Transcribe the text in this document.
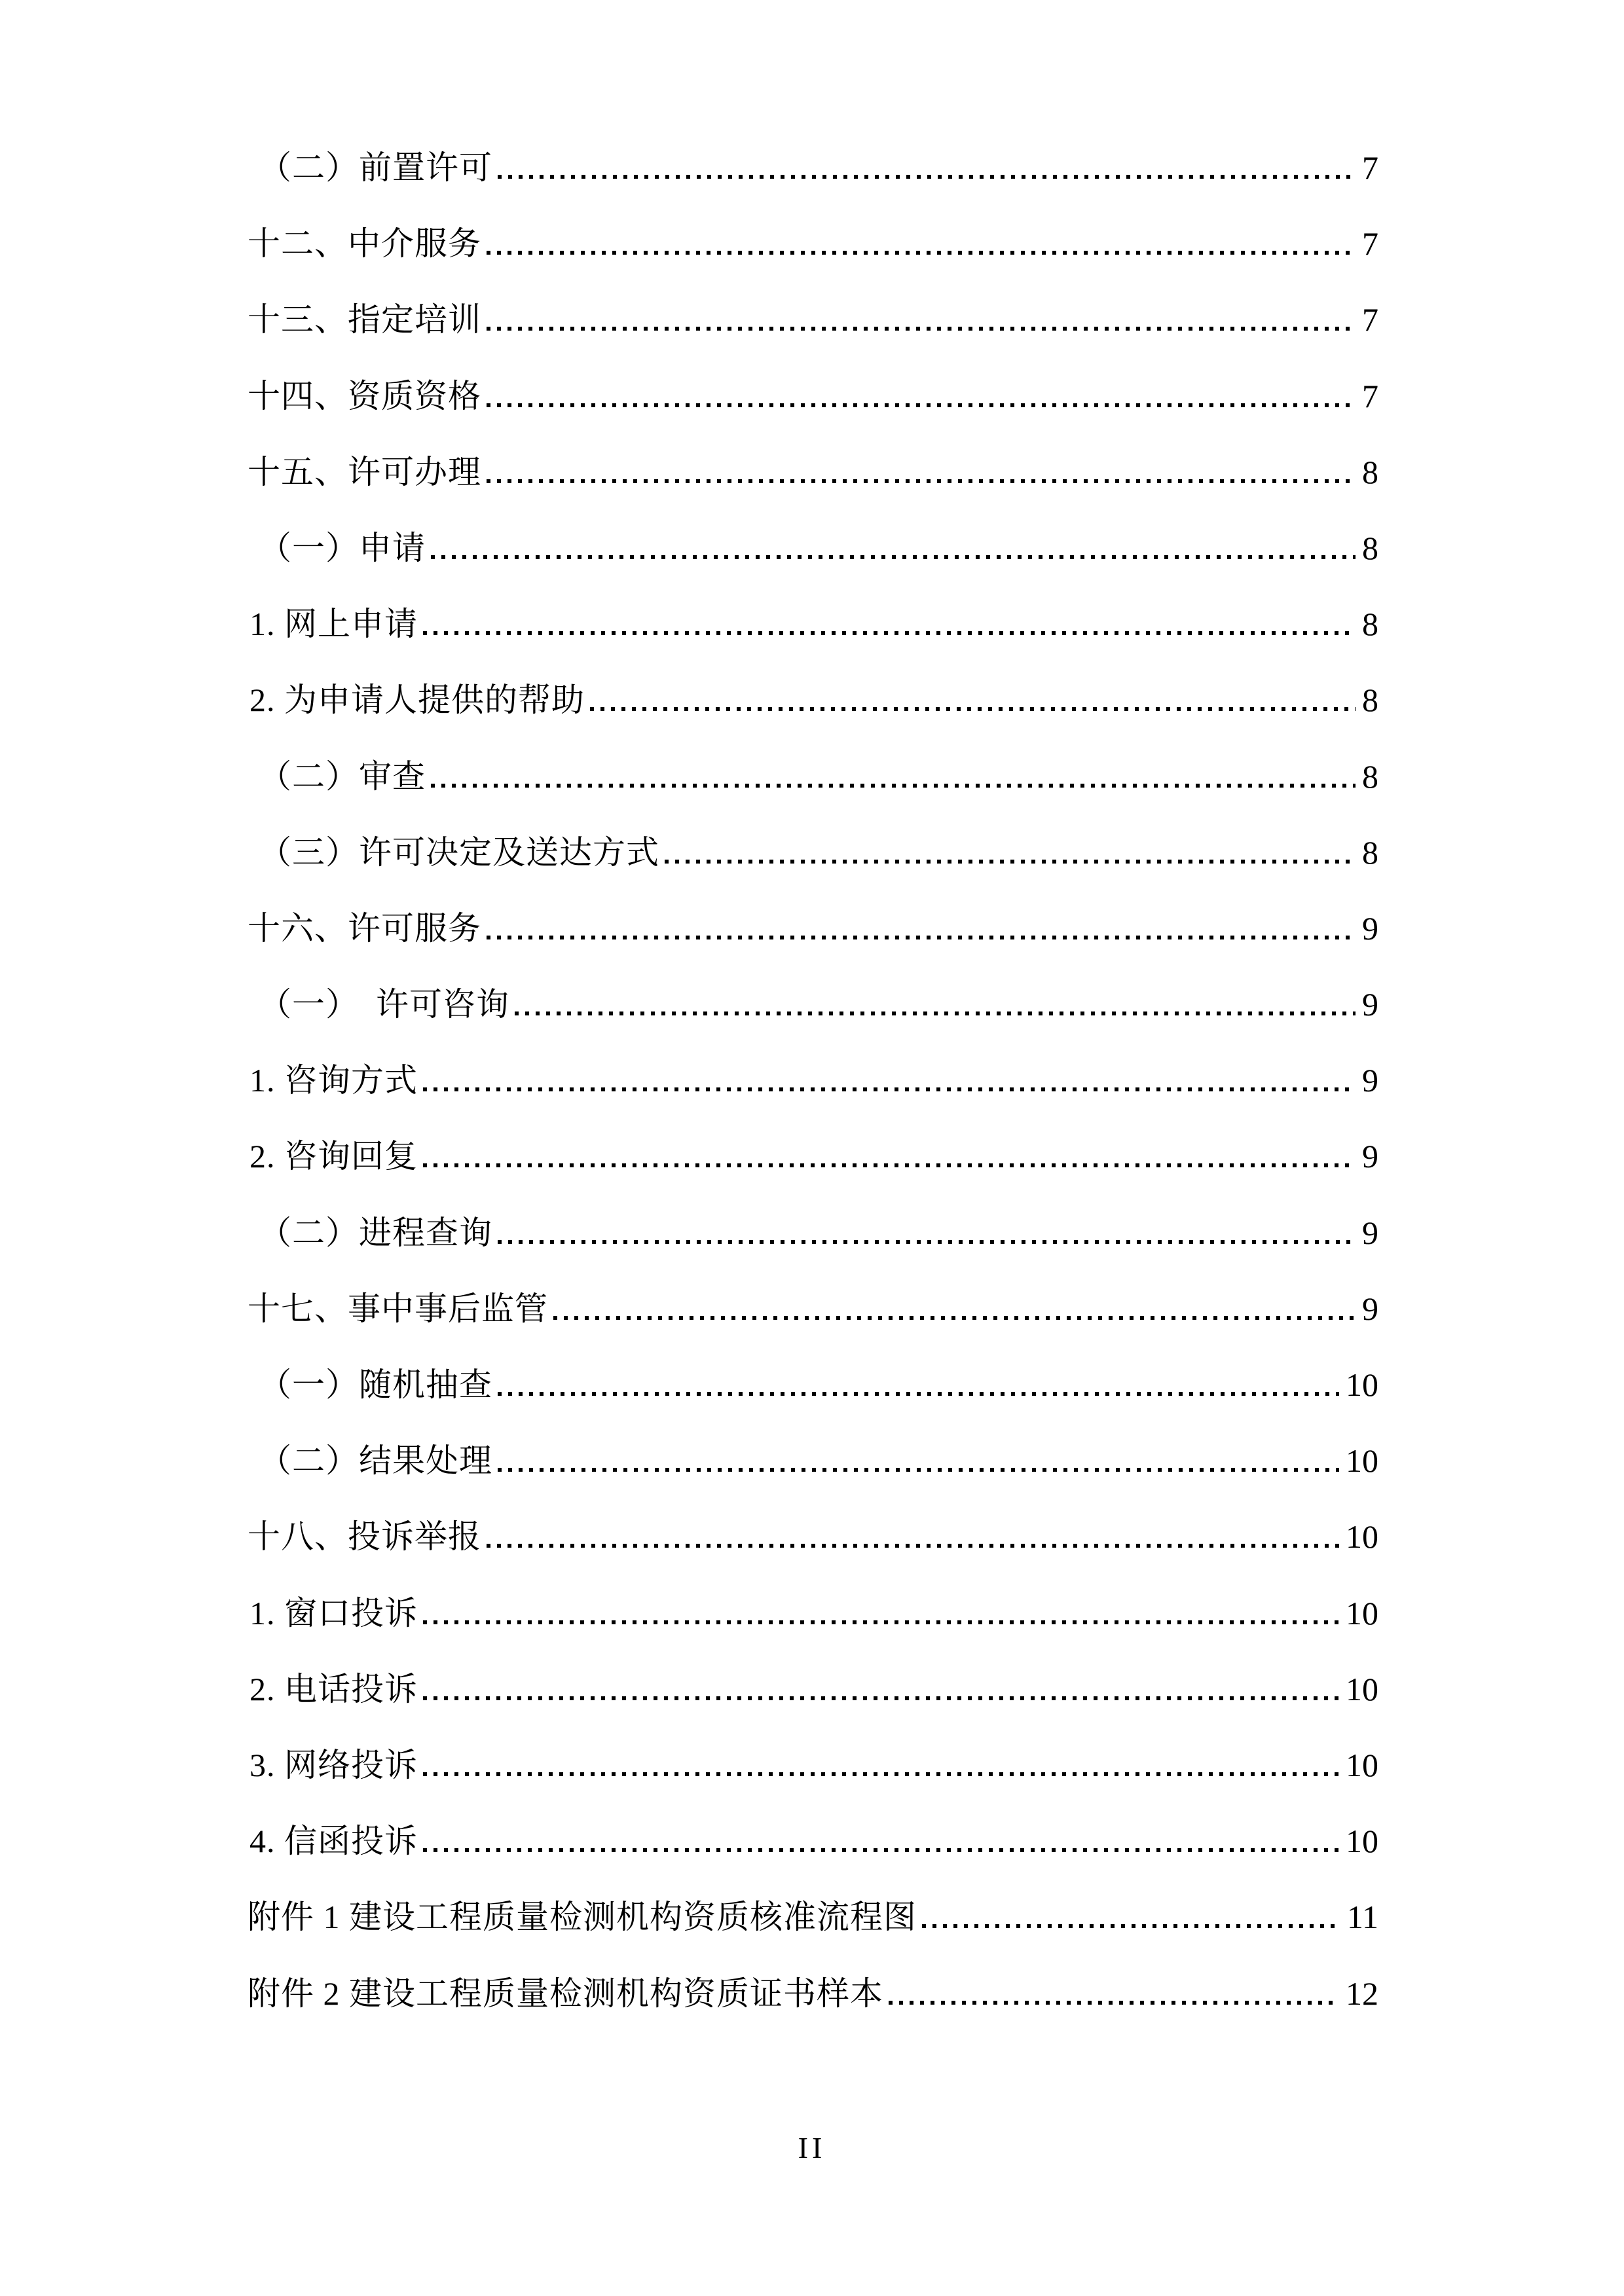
（二）前置许可	7
十二、中介服务	7
十三、指定培训	7
十四、资质资格	7
十五、许可办理	8
（一）申请	8
1. 网上申请	8
2. 为申请人提供的帮助	8
（二）审查	8
（三）许可决定及送达方式	8
十六、许可服务	9
（一）　许可咨询	9
1. 咨询方式	9
2. 咨询回复	9
（二）进程查询	9
十七、事中事后监管	9
（一）随机抽查	10
（二）结果处理	10
十八、投诉举报	10
1. 窗口投诉	10
2. 电话投诉	10
3. 网络投诉	10
4. 信函投诉	10
附件 1 建设工程质量检测机构资质核准流程图	11
附件 2 建设工程质量检测机构资质证书样本	12
II
